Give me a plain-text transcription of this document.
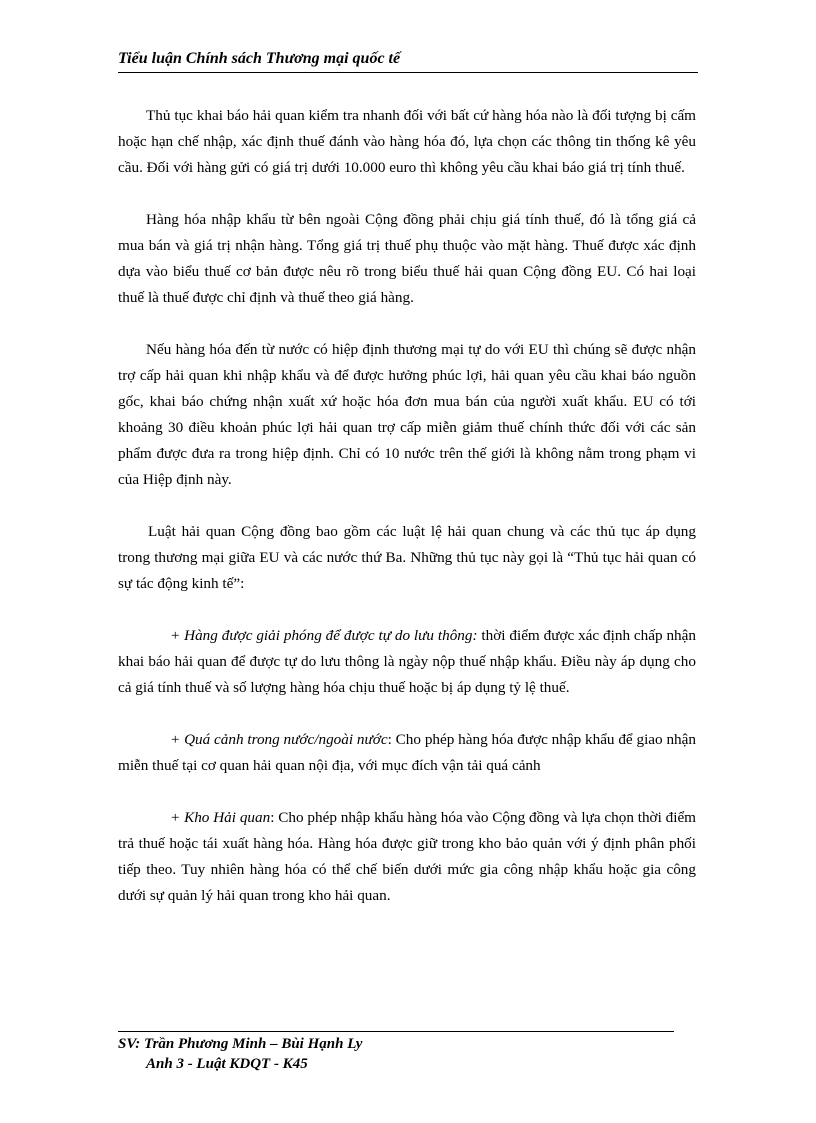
Tiểu luận Chính sách Thương mại quốc tế

Thủ tục khai báo hải quan kiểm tra nhanh đối với bất cứ hàng hóa nào là đối tượng bị cấm hoặc hạn chế nhập, xác định thuế đánh vào hàng hóa đó, lựa chọn các thông tin thống kê yêu cầu. Đối với hàng gửi có giá trị dưới 10.000 euro thì không yêu cầu khai báo giá trị tính thuế.

Hàng hóa nhập khẩu từ bên ngoài Cộng đồng phải chịu giá tính thuế, đó là tổng giá cả mua bán và giá trị nhận hàng. Tổng giá trị thuế phụ thuộc vào mặt hàng. Thuế được xác định dựa vào biểu thuế cơ bản được nêu rõ trong biểu thuế hải quan Cộng đồng EU. Có hai loại thuế là thuế được chỉ định và thuế theo giá hàng.

Nếu hàng hóa đến từ nước có hiệp định thương mại tự do với EU thì chúng sẽ được nhận trợ cấp hải quan khi nhập khẩu và để được hưởng phúc lợi, hải quan yêu cầu khai báo nguồn gốc, khai báo chứng nhận xuất xứ hoặc hóa đơn mua bán của người xuất khẩu. EU có tới khoảng 30 điều khoản phúc lợi hải quan trợ cấp miễn giảm thuế chính thức đối với các sản phẩm được đưa ra trong hiệp định. Chỉ có 10 nước trên thế giới là không nằm trong phạm vi của Hiệp định này.

Luật hải quan Cộng đồng bao gồm các luật lệ hải quan chung và các thủ tục áp dụng trong thương mại giữa EU và các nước thứ Ba. Những thủ tục này gọi là “Thủ tục hải quan có sự tác động kinh tế”:

+ Hàng được giải phóng để được tự do lưu thông: thời điểm được xác định chấp nhận khai báo hải quan để được tự do lưu thông là ngày nộp thuế nhập khẩu. Điều này áp dụng cho cả giá tính thuế và số lượng hàng hóa chịu thuế hoặc bị áp dụng tỷ lệ thuế.

+ Quá cảnh trong nước/ngoài nước: Cho phép hàng hóa được nhập khẩu để giao nhận miễn thuế tại cơ quan hải quan nội địa, với mục đích vận tải quá cảnh

+ Kho Hải quan: Cho phép nhập khẩu hàng hóa vào Cộng đồng và lựa chọn thời điểm trả thuế hoặc tái xuất hàng hóa. Hàng hóa được giữ trong kho bảo quản với ý định phân phối tiếp theo. Tuy nhiên hàng hóa có thể chế biến dưới mức gia công nhập khẩu hoặc gia công dưới sự quản lý hải quan trong kho hải quan.

SV: Trần Phương Minh – Bùi Hạnh Ly
Anh 3 - Luật KDQT - K45
